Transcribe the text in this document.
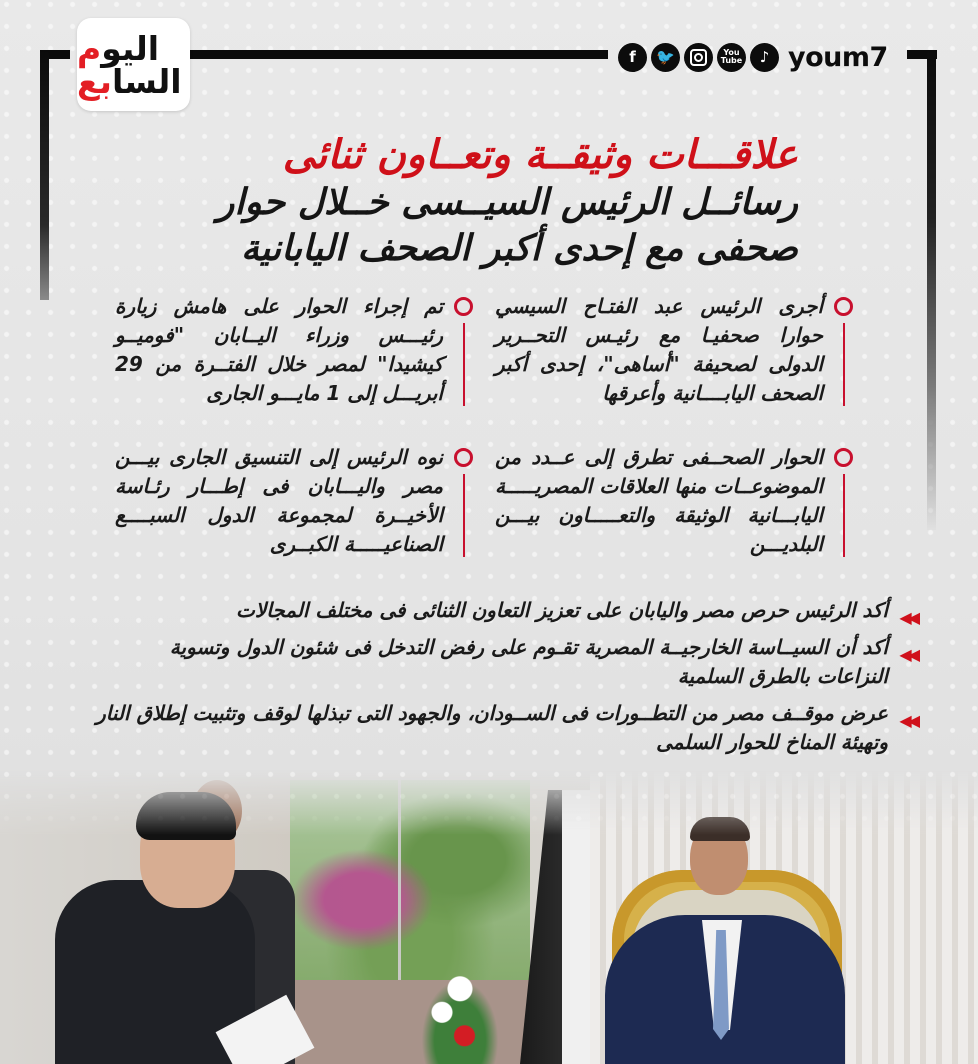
اليوم
السابع
f	🐦	You
Tube	♪ youm7
علاقـــات وثيقــة وتعــاون ثنائى
رسائــل الرئيس السيــسى خــلال حوار
صحفى مع إحدى أكبر الصحف اليابانية
أجرى الرئيس عبد الفتـاح السيسي حوارا صحفيـا مع رئيـس التحــرير الدولى لصحيفة "أساهى"، إحدى أكبر الصحف اليابــــانية وأعرقها
تم إجراء الحوار على هامش زيارة رئيـــس وزراء اليــابان "فوميــو كيشيدا" لمصر خلال الفتــرة من 29 أبريـــل إلى 1 مايـــو الجارى
الحوار الصحــفى تطرق إلى عــدد من الموضوعــات منها العلاقات المصريـــــة اليابـــانية الوثيقة والتعـــــاون بيـــن البلديـــن
نوه الرئيس إلى التنسيق الجارى بيـــن مصر واليـــابان فى إطـــار رئـاسة الأخيــرة لمجموعة الدول السبــــع الصناعيـــــة الكبــرى
◀◀
أكد الرئيس حرص مصر واليابان على تعزيز التعاون الثنائى فى مختلف المجالات
◀◀
أكد أن السيــاسة الخارجيــة المصرية تقـوم على رفض التدخل فى شئون الدول وتسوية النزاعات بالطرق السلمية
◀◀
عرض موقــف مصر من التطــورات فى الســودان، والجهود التى تبذلها لوقف وتثبيت إطلاق النار وتهيئة المناخ للحوار السلمى
